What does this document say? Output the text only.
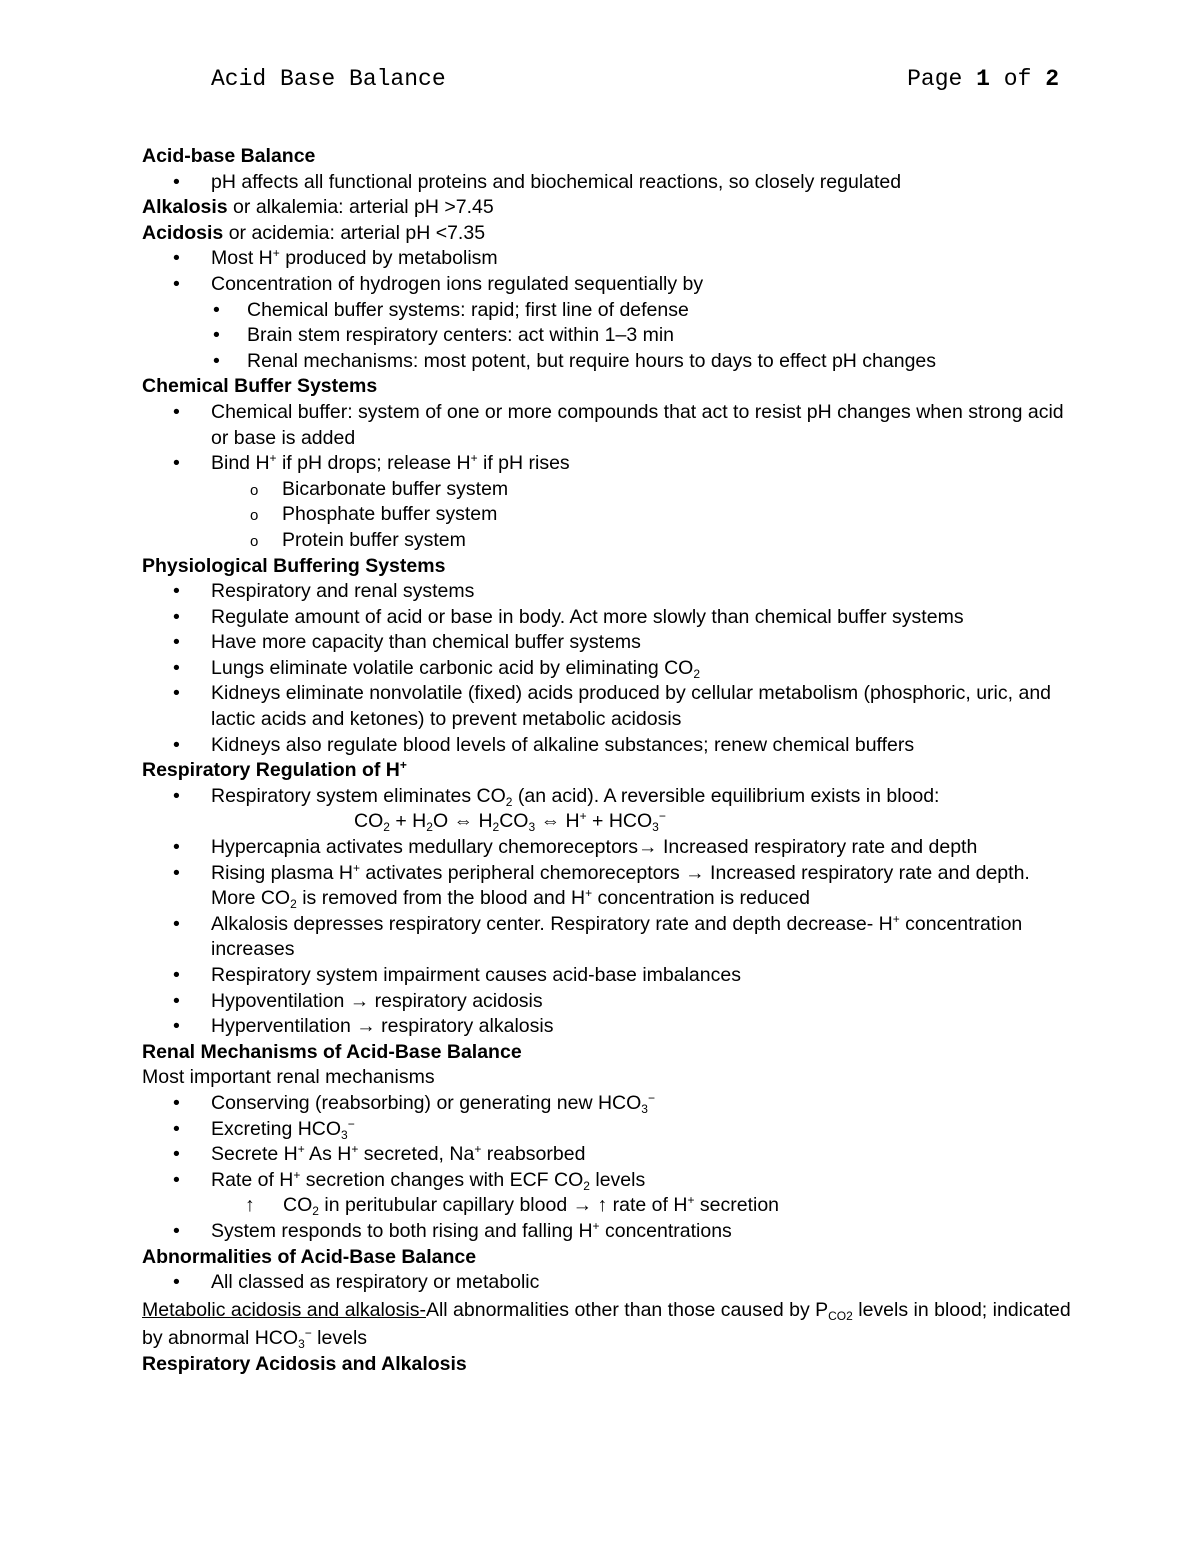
Acid Base Balance	Page 1 of 2

Acid-base Balance

• pH affects all functional proteins and biochemical reactions, so closely regulated

Alkalosis or alkalemia: arterial pH >7.45

Acidosis or acidemia: arterial pH <7.35

• Most H+ produced by metabolism
• Concentration of hydrogen ions regulated sequentially by
• Chemical buffer systems: rapid; first line of defense
• Brain stem respiratory centers: act within 1–3 min
• Renal mechanisms: most potent, but require hours to days to effect pH changes

Chemical Buffer Systems

• Chemical buffer: system of one or more compounds that act to resist pH changes when strong acid or base is added
• Bind H+ if pH drops; release H+ if pH rises
o Bicarbonate buffer system
o Phosphate buffer system
o Protein buffer system

Physiological Buffering Systems

• Respiratory and renal systems
• Regulate amount of acid or base in body. Act more slowly than chemical buffer systems
• Have more capacity than chemical buffer systems
• Lungs eliminate volatile carbonic acid by eliminating $CO_2$
• Kidneys eliminate nonvolatile (fixed) acids produced by cellular metabolism (phosphoric, uric, and lactic acids and ketones) to prevent metabolic acidosis
• Kidneys also regulate blood levels of alkaline substances; renew chemical buffers

Respiratory Regulation of H+

• Respiratory system eliminates $CO_2$ (an acid). A reversible equilibrium exists in blood:

$CO_2 + H_2O$ ⇔ $H_2CO_3$ ⇔ $H^+ + HCO_3^-$

• Hypercapnia activates medullary chemoreceptors→ Increased respiratory rate and depth
• Rising plasma H+ activates peripheral chemoreceptors → Increased respiratory rate and depth. More $CO_2$ is removed from the blood and H+ concentration is reduced
• Alkalosis depresses respiratory center. Respiratory rate and depth decrease- H+ concentration increases
• Respiratory system impairment causes acid-base imbalances
• Hypoventilation → respiratory acidosis
• Hyperventilation → respiratory alkalosis

Renal Mechanisms of Acid-Base Balance

Most important renal mechanisms

• Conserving (reabsorbing) or generating new $HCO_3^-$
• Excreting $HCO_3^-$
• Secrete H+ As H+ secreted, Na+ reabsorbed
• Rate of H+ secretion changes with ECF $CO_2$ levels

↑ $CO_2$ in peritubular capillary blood → ↑ rate of H+ secretion

• System responds to both rising and falling H+ concentrations

Abnormalities of Acid-Base Balance

• All classed as respiratory or metabolic

Metabolic acidosis and alkalosis-All abnormalities other than those caused by $P_{CO2}$ levels in blood; indicated by abnormal $HCO_3^-$ levels

Respiratory Acidosis and Alkalosis
